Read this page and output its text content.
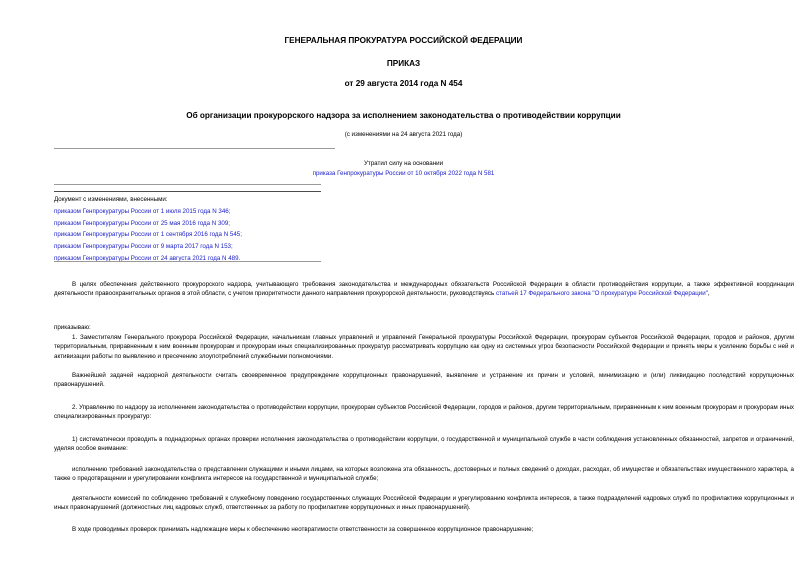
ГЕНЕРАЛЬНАЯ ПРОКУРАТУРА РОССИЙСКОЙ ФЕДЕРАЦИИ
ПРИКАЗ
от 29 августа 2014 года N 454
Об организации прокурорского надзора за исполнением законодательства о противодействии коррупции
(с изменениями на 24 августа 2021 года)
Утратил силу на основании
приказа Генпрокуратуры России от 10 октября 2022 года N 581
Документ с изменениями, внесенными:
приказом Генпрокуратуры России от 1 июля 2015 года N 346;
приказом Генпрокуратуры России от 25 мая 2016 года N 309;
приказом Генпрокуратуры России от 1 сентября 2016 года N 545;
приказом Генпрокуратуры России от 9 марта 2017 года N 153;
приказом Генпрокуратуры России от 24 августа 2021 года N 489.
В целях обеспечения действенного прокурорского надзора, учитывающего требования законодательства и международных обязательств Российской Федерации в области противодействия коррупции, а также эффективной координации деятельности правоохранительных органов в этой области, с учетом приоритетности данного направления прокурорской деятельности, руководствуясь статьей 17 Федерального закона "О прокуратуре Российской Федерации",
приказываю:
1. Заместителям Генерального прокурора Российской Федерации, начальникам главных управлений и управлений Генеральной прокуратуры Российской Федерации, прокурорам субъектов Российской Федерации, городов и районов, другим территориальным, приравненным к ним военным прокурорам и прокурорам иных специализированных прокуратур рассматривать коррупцию как одну из системных угроз безопасности Российской Федерации и принять меры к усилению борьбы с ней и активизации работы по выявлению и пресечению злоупотреблений служебными полномочиями.
Важнейшей задачей надзорной деятельности считать своевременное предупреждение коррупционных правонарушений, выявление и устранение их причин и условий, минимизацию и (или) ликвидацию последствий коррупционных правонарушений.
2. Управлению по надзору за исполнением законодательства о противодействии коррупции, прокурорам субъектов Российской Федерации, городов и районов, другим территориальным, приравненным к ним военным прокурорам и прокурорам иных специализированных прокуратур:
1) систематически проводить в поднадзорных органах проверки исполнения законодательства о противодействии коррупции, о государственной и муниципальной службе в части соблюдения установленных обязанностей, запретов и ограничений, уделяя особое внимание:
исполнению требований законодательства о представлении служащими и иными лицами, на которых возложена эта обязанность, достоверных и полных сведений о доходах, расходах, об имуществе и обязательствах имущественного характера, а также о предотвращении и урегулировании конфликта интересов на государственной и муниципальной службе;
деятельности комиссий по соблюдению требований к служебному поведению государственных служащих Российской Федерации и урегулированию конфликта интересов, а также подразделений кадровых служб по профилактике коррупционных и иных правонарушений (должностных лиц кадровых служб, ответственных за работу по профилактике коррупционных и иных правонарушений).
В ходе проводимых проверок принимать надлежащие меры к обеспечению неотвратимости ответственности за совершенное коррупционное правонарушение;
